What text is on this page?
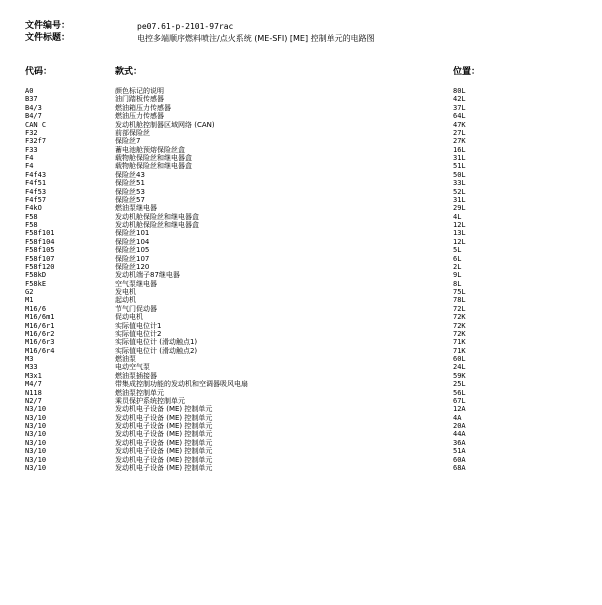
文件编号：	pe07.61-p-2101-97rac
文件标题：	电控多端顺序燃料喷注/点火系统 (ME-SFI) [ME] 控制单元的电路图
代码：	款式：	位置：
A0	颜色标记的说明	80L
B37	油门踏板传感器	42L
B4/3	燃油箱压力传感器	37L
B4/7	燃油压力传感器	64L
CAN C	发动机舱控制器区域网络 (CAN)	47K
F32	前部保险丝	27L
F32f7	保险丝7	27K
F33	蓄电池舱预熔保险丝盒	16L
F4	载物舱保险丝和继电器盒	31L
F4	载物舱保险丝和继电器盒	51L
F4f43	保险丝43	50L
F4f51	保险丝51	33L
F4f53	保险丝53	52L
F4f57	保险丝57	31L
F4kO	燃油泵继电器	29L
F58	发动机舱保险丝和继电器盒	4L
F58	发动机舱保险丝和继电器盒	12L
F58f101	保险丝101	13L
F58f104	保险丝104	12L
F58f105	保险丝105	5L
F58f107	保险丝107	6L
F58f120	保险丝120	2L
F58kD	发动机端子87继电器	9L
F58kE	空气泵继电器	8L
G2	发电机	75L
M1	起动机	78L
M16/6	节气门促动器	72L
M16/6m1	促动电机	72K
M16/6r1	实际值电位计1	72K
M16/6r2	实际值电位计2	72K
M16/6r3	实际值电位计 (滑动触点1)	71K
M16/6r4	实际值电位计 (滑动触点2)	71K
M3	燃油泵	60L
M33	电动空气泵	24L
M3x1	燃油泵插接器	59K
M4/7	带集成控制功能的发动机和空调器吸风电扇	25L
N118	燃油泵控制单元	56L
N2/7	乘员保护系统控制单元	67L
N3/10	发动机电子设备 (ME) 控制单元	12A
N3/10	发动机电子设备 (ME) 控制单元	4A
N3/10	发动机电子设备 (ME) 控制单元	20A
N3/10	发动机电子设备 (ME) 控制单元	44A
N3/10	发动机电子设备 (ME) 控制单元	36A
N3/10	发动机电子设备 (ME) 控制单元	51A
N3/10	发动机电子设备 (ME) 控制单元	60A
N3/10	发动机电子设备 (ME) 控制单元	68A
